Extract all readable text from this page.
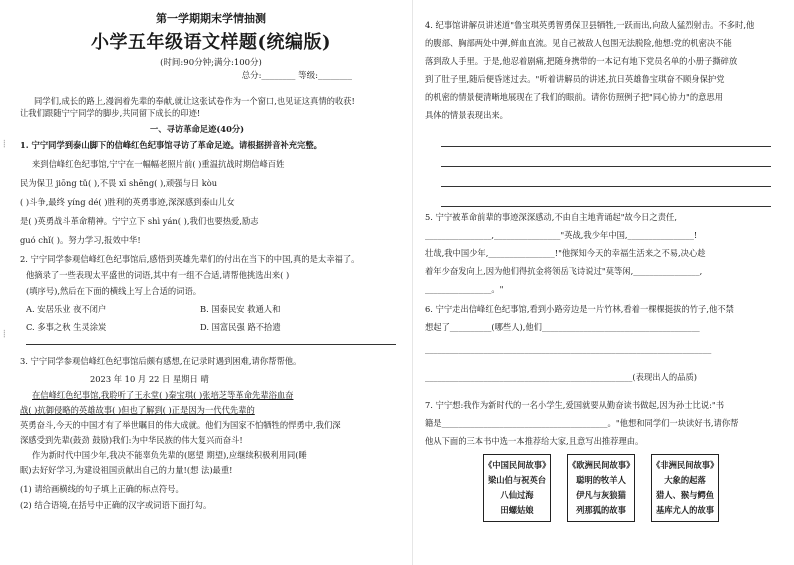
第一学期期末学情抽测
小学五年级语文样题(统编版)
(时间:90分钟;满分:100分)
总分:________ 等级:________
同学们,成长的路上,漫润着先辈的奉献,就让这张试卷作为一个窗口,也见证这真情的收获!
让我们跟随宁宁同学的脚步,共同留下成长的印迹!
一、寻访革命足迹(40分)
1. 宁宁同学到泰山脚下的信峰红色纪事馆寻访了革命足迹。请根据拼音补充完整。
来到信峰红色纪事馆,宁宁在一幅幅老照片前( )重温抗战时期信峰百姓
民为保卫 jiōng tǔ( ),不畏 xī shēng( ),顽强与日 kòu
( )斗争,最终 yíng dé( )胜利的英勇事迹,深深感到泰山儿女
是( )英勇战斗革命精神。宁宁立下 shì yán( ),我们也要热爱,励志
guó chǐ( )。努力学习,报效中华!
2. 宁宁同学参观信峰红色纪事馆后,感悟到英雄先辈们的付出在当下的中国,真的是太幸福了。
他摘录了一些表现太平盛世的词语,其中有一组不合适,请帮他挑选出来( )
(填序号),然后在下面的横线上写上合适的词语。
A. 安居乐业 夜不闭户	B. 国泰民安 救通人和
C. 多事之秋 生灵涂炭	D. 国富民强 路不拾遗
3. 宁宁同学参观信峰红色纪事馆后颇有感想,在记录时遇到困难,请你帮帮他。
2023 年 10 月 22 日 星期日 晴
在信峰红色纪事馆,我聆听了王永堂( )秦宝琪( )张培芝等革命先辈浴血奋
战( )抗御侵略的英雄故事( )但也了解到( )正是因为一代代先辈的
英勇奋斗,今天的中国才有了举世瞩目的伟大成就。他们为国家不怕牺牲的悍勇中,我们深
深感受到先辈(鼓劲 鼓励)我们:为中华民族的伟大复兴而奋斗!
作为新时代中国少年,我决不能辜负先辈的(愿望 期望),应继续积极利用同(睡
眠)去好好学习,为建设祖国贡献出自己的力量!(想 法)最重!
(1) 请给画横线的句子填上正确的标点符号。
(2) 结合语境,在括号中正确的汉字或词语下面打勾。
4. 纪事馆讲解员讲述道"鲁宝琪英勇智勇保卫县牺牲,一跃而出,向敌人猛烈射击。不多时,他
的腹部、胸部两处中弹,鲜血直流。见自己被敌人包围无法脱险,他想:党的机密决不能
落到敌人手里。于是,他忍着剧痛,把随身携带的一本记有地下党员名单的小册子撕碎放
到了肚子里,随后便昏迷过去。"听着讲解员的讲述,抗日英雄鲁宝琪奋不顾身保护党
的机密的情景便清晰地展现在了我们的眼前。请你仿照例子把"同心协力"的意思用
具体的情景表现出来。
5. 宁宁被革命前辈的事迹深深感动,不由自主地背诵起"故今日之责任,
________________,________________"英战,我少年中国,________________!
壮哉,我中国少年,________________!"他探知今天的幸福生活来之不易,决心趁
着年少奋发向上,因为他们得抗金将领岳飞诗说过"莫等闲,________________,
________________。"
6. 宁宁走出信峰红色纪事馆,看到小路旁边是一片竹林,看着一棵棵挺拔的竹子,他不禁
想起了__________(哪些人),他们______________________________________
_____________________________________________________________________
__________________________________________________(表现出人的品质)
7. 宁宁想:我作为新时代的一名小学生,爱国就要从勤奋读书做起,因为孙士比说:"书
籍是________________________________________。"他想和同学们一块读好书,请你帮
他从下面的三本书中选一本推荐给大家,且意写出推荐理由。
《中国民间故事》
梁山伯与祝英台
八仙过海
田螺姑娘
《欧洲民间故事》
聪明的牧羊人
伊凡与灰狼猫
列那狐的故事
《非洲民间故事》
大象的起落
猎人、猴与鳄鱼
基库尤人的故事
┊
┊
